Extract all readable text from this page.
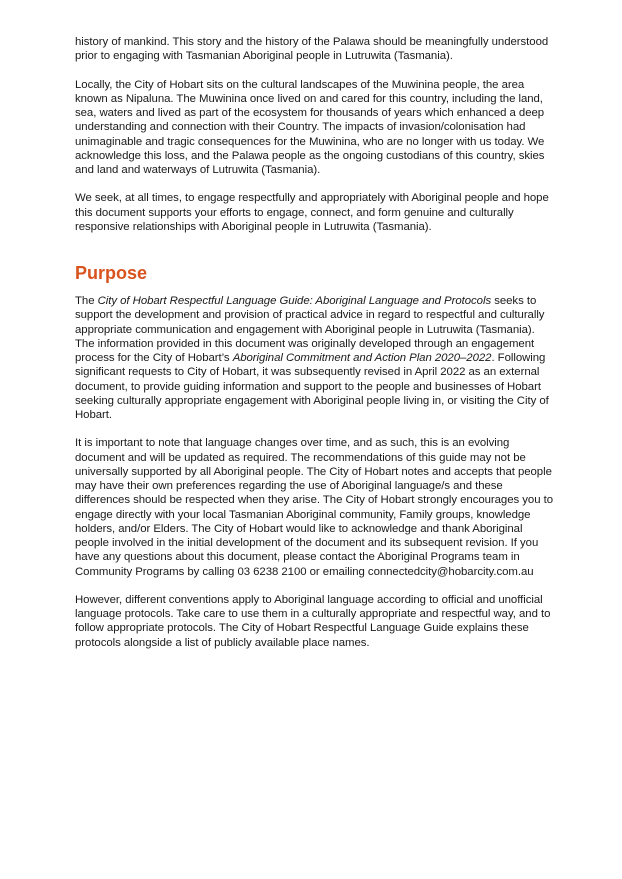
history of mankind. This story and the history of the Palawa should be meaningfully understood prior to engaging with Tasmanian Aboriginal people in Lutruwita (Tasmania).

Locally, the City of Hobart sits on the cultural landscapes of the Muwinina people, the area known as Nipaluna. The Muwinina once lived on and cared for this country, including the land, sea, waters and lived as part of the ecosystem for thousands of years which enhanced a deep understanding and connection with their Country. The impacts of invasion/colonisation had unimaginable and tragic consequences for the Muwinina, who are no longer with us today. We acknowledge this loss, and the Palawa people as the ongoing custodians of this country, skies and land and waterways of Lutruwita (Tasmania).

We seek, at all times, to engage respectfully and appropriately with Aboriginal people and hope this document supports your efforts to engage, connect, and form genuine and culturally responsive relationships with Aboriginal people in Lutruwita (Tasmania).

Purpose

The City of Hobart Respectful Language Guide: Aboriginal Language and Protocols seeks to support the development and provision of practical advice in regard to respectful and culturally appropriate communication and engagement with Aboriginal people in Lutruwita (Tasmania). The information provided in this document was originally developed through an engagement process for the City of Hobart’s Aboriginal Commitment and Action Plan 2020–2022. Following significant requests to City of Hobart, it was subsequently revised in April 2022 as an external document, to provide guiding information and support to the people and businesses of Hobart seeking culturally appropriate engagement with Aboriginal people living in, or visiting the City of Hobart.

It is important to note that language changes over time, and as such, this is an evolving document and will be updated as required. The recommendations of this guide may not be universally supported by all Aboriginal people. The City of Hobart notes and accepts that people may have their own preferences regarding the use of Aboriginal language/s and these differences should be respected when they arise. The City of Hobart strongly encourages you to engage directly with your local Tasmanian Aboriginal community, Family groups, knowledge holders, and/or Elders. The City of Hobart would like to acknowledge and thank Aboriginal people involved in the initial development of the document and its subsequent revision. If you have any questions about this document, please contact the Aboriginal Programs team in Community Programs by calling 03 6238 2100 or emailing connectedcity@hobarcity.com.au

However, different conventions apply to Aboriginal language according to official and unofficial language protocols. Take care to use them in a culturally appropriate and respectful way, and to follow appropriate protocols. The City of Hobart Respectful Language Guide explains these protocols alongside a list of publicly available place names.
